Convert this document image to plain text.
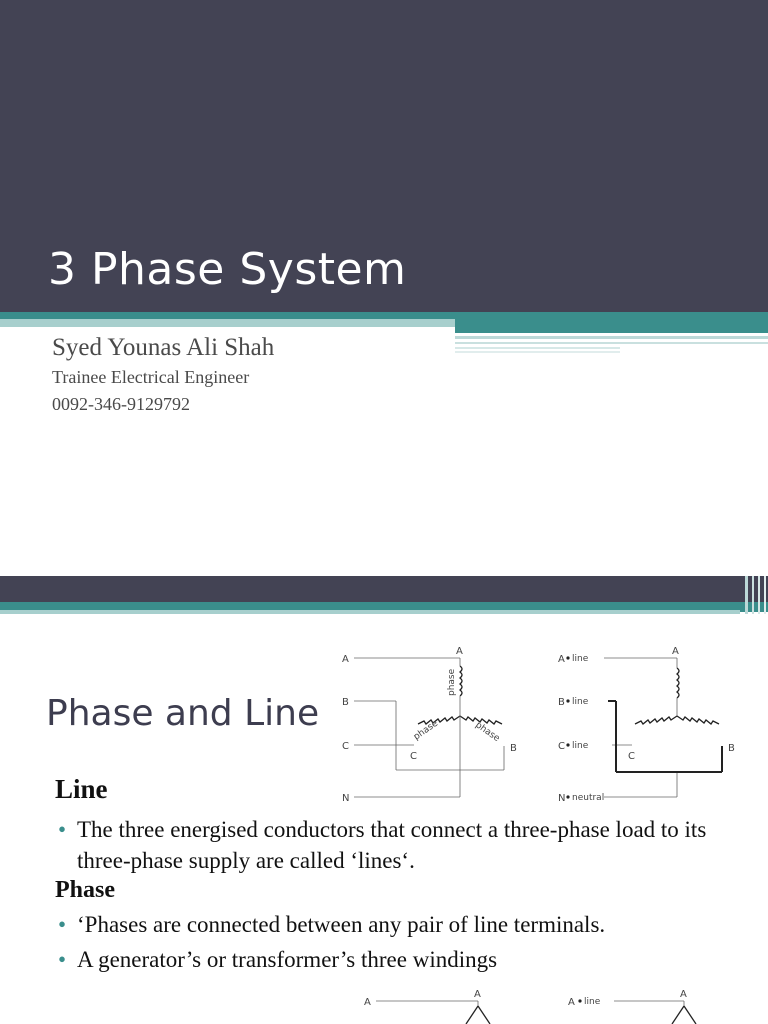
3 Phase System
Syed Younas Ali Shah
Trainee Electrical Engineer
0092-346-9129792
Phase and Line
A
A
B
C
N
C
B
phase
phase	phase
A
A
B
C
N
C
B
line
line
line
neutral
Line
• The three energised conductors that connect a three-phase load to its three-phase supply are called ‘lines‘.
Phase
• ‘Phases are connected between any pair of line terminals.
• A generator’s or transformer’s three windings
A
A
A line
A
